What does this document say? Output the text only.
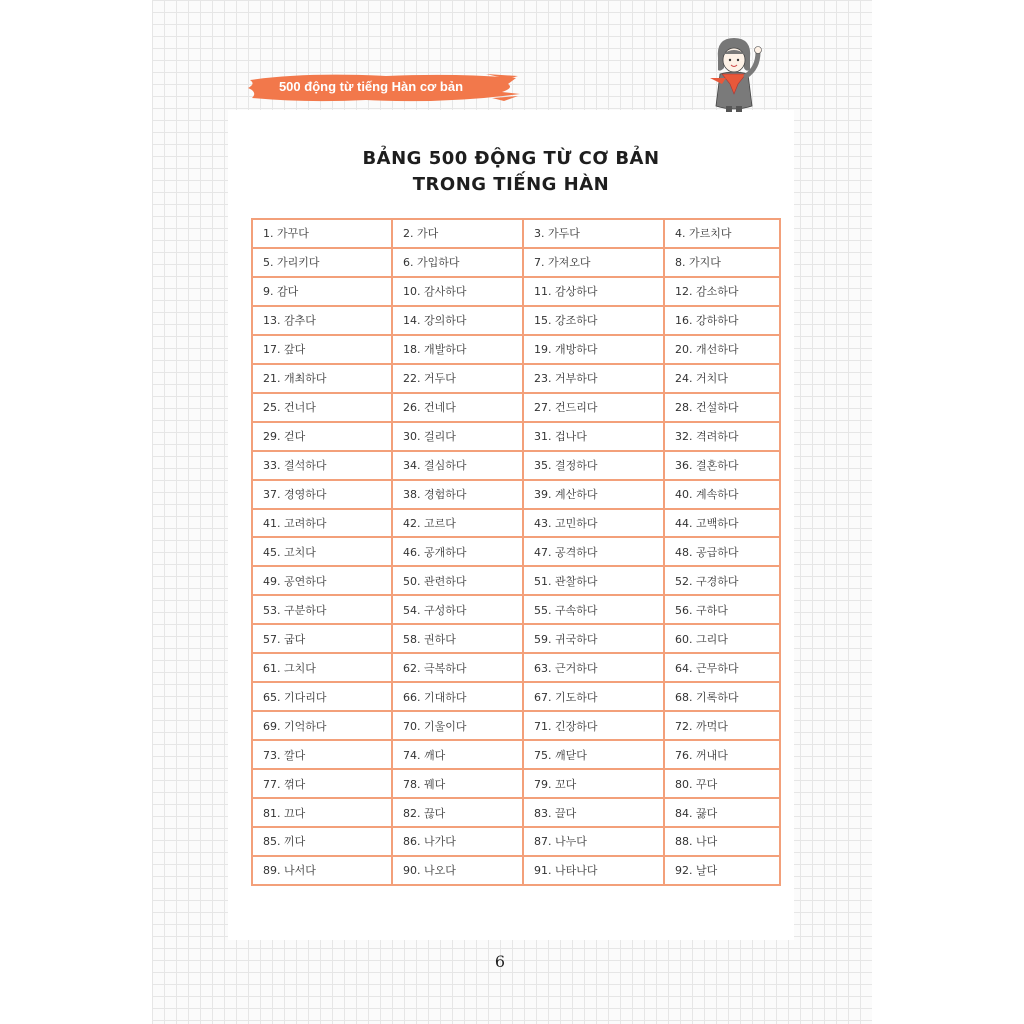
500 động từ tiếng Hàn cơ bản
BẢNG 500 ĐỘNG TỪ CƠ BẢN
TRONG TIẾNG HÀN
1. 가꾸다	2. 가다	3. 가두다	4. 가르치다
5. 가리키다	6. 가입하다	7. 가져오다	8. 가지다
9. 감다	10. 감사하다	11. 감상하다	12. 감소하다
13. 감추다	14. 강의하다	15. 강조하다	16. 강하하다
17. 갚다	18. 개발하다	19. 개방하다	20. 개선하다
21. 개최하다	22. 거두다	23. 거부하다	24. 거치다
25. 건너다	26. 건네다	27. 건드리다	28. 건설하다
29. 걷다	30. 걸리다	31. 겁나다	32. 격려하다
33. 결석하다	34. 결심하다	35. 결정하다	36. 결혼하다
37. 경영하다	38. 경험하다	39. 계산하다	40. 계속하다
41. 고려하다	42. 고르다	43. 고민하다	44. 고백하다
45. 고치다	46. 공개하다	47. 공격하다	48. 공급하다
49. 공연하다	50. 관련하다	51. 관찰하다	52. 구경하다
53. 구분하다	54. 구성하다	55. 구속하다	56. 구하다
57. 굽다	58. 권하다	59. 귀국하다	60. 그리다
61. 그치다	62. 극복하다	63. 근거하다	64. 근무하다
65. 기다리다	66. 기대하다	67. 기도하다	68. 기록하다
69. 기억하다	70. 기울이다	71. 긴장하다	72. 까먹다
73. 깔다	74. 깨다	75. 깨닫다	76. 꺼내다
77. 꺾다	78. 꿰다	79. 꼬다	80. 꾸다
81. 끄다	82. 끊다	83. 끌다	84. 끓다
85. 끼다	86. 나가다	87. 나누다	88. 나다
89. 나서다	90. 나오다	91. 나타나다	92. 날다
6
